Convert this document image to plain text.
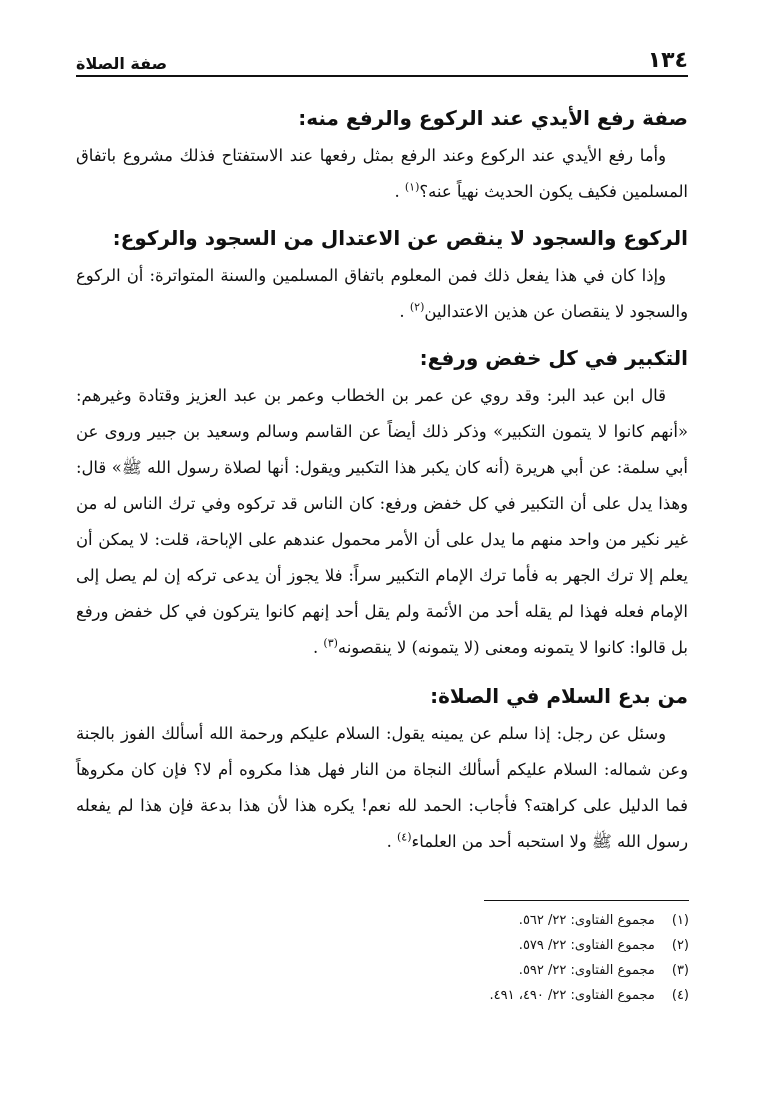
١٣٤
صفة الصلاة
صفة رفع الأيدي عند الركوع والرفع منه:

وأما رفع الأيدي عند الركوع وعند الرفع بمثل رفعها عند الاستفتاح فذلك مشروع باتفاق المسلمين فكيف يكون الحديث نهياً عنه؟$^{(١)}$ .

الركوع والسجود لا ينقص عن الاعتدال من السجود والركوع:

وإذا كان في هذا يفعل ذلك فمن المعلوم باتفاق المسلمين والسنة المتواترة: أن الركوع والسجود لا ينقصان عن هذين الاعتدالين$^{(٢)}$ .

التكبير في كل خفض ورفع:

قال ابن عبد البر: وقد روي عن عمر بن الخطاب وعمر بن عبد العزيز وقتادة وغيرهم: «أنهم كانوا لا يتمون التكبير» وذكر ذلك أيضاً عن القاسم وسالم وسعيد بن جبير وروى عن أبي سلمة: عن أبي هريرة (أنه كان يكبر هذا التكبير ويقول: أنها لصلاة رسول الله ﷺ» قال: وهذا يدل على أن التكبير في كل خفض ورفع: كان الناس قد تركوه وفي ترك الناس له من غير نكير من واحد منهم ما يدل على أن الأمر محمول عندهم على الإباحة، قلت: لا يمكن أن يعلم إلا ترك الجهر به فأما ترك الإمام التكبير سراً: فلا يجوز أن يدعى تركه إن لم يصل إلى الإمام فعله فهذا لم يقله أحد من الأئمة ولم يقل أحد إنهم كانوا يتركون في كل خفض ورفع بل قالوا: كانوا لا يتمونه ومعنى (لا يتمونه) لا ينقصونه$^{(٣)}$ .

من بدع السلام في الصلاة:

وسئل عن رجل: إذا سلم عن يمينه يقول: السلام عليكم ورحمة الله أسألك الفوز بالجنة وعن شماله: السلام عليكم أسألك النجاة من النار فهل هذا مكروه أم لا؟ فإن كان مكروهاً فما الدليل على كراهته؟ فأجاب: الحمد لله نعم! يكره هذا لأن هذا بدعة فإن هذا لم يفعله رسول الله ﷺ ولا استحبه أحد من العلماء$^{(٤)}$ .

(١) مجموع الفتاوى: ٢٢/ ٥٦٢.
(٢) مجموع الفتاوى: ٢٢/ ٥٧٩.
(٣) مجموع الفتاوى: ٢٢/ ٥٩٢.
(٤) مجموع الفتاوى: ٢٢/ ٤٩٠، ٤٩١.
